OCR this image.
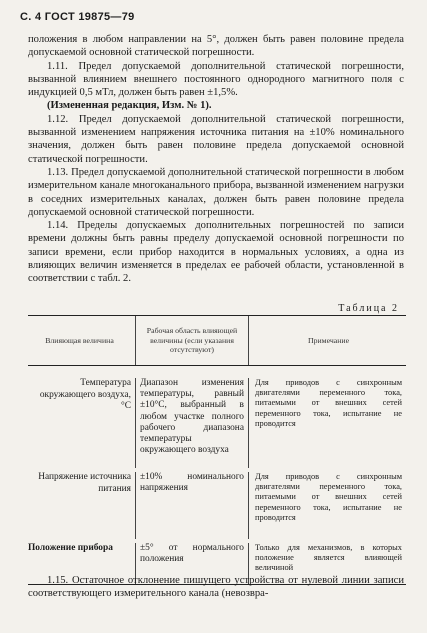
С. 4 ГОСТ 19875—79

положения в любом направлении на 5°, должен быть равен половине предела допускаемой основной статической погрешности.

1.11. Предел допускаемой дополнительной статической погрешности, вызванной влиянием внешнего постоянного однородного магнитного поля с индукцией 0,5 мТл, должен быть равен ±1,5%.

(Измененная редакция, Изм. № 1).

1.12. Предел допускаемой дополнительной статической погрешности, вызванной изменением напряжения источника питания на ±10% номинального значения, должен быть равен половине предела допускаемой основной статической погрешности.

1.13. Предел допускаемой дополнительной статической погрешности в любом измерительном канале многоканального прибора, вызванной изменением нагрузки в соседних измерительных каналах, должен быть равен половине предела допускаемой основной статической погрешности.

1.14. Пределы допускаемых дополнительных погрешностей по записи времени должны быть равны пределу допускаемой основной погрешности по записи времени, если прибор находится в нормальных условиях, а одна из влияющих величин изменяется в пределах ее рабочей области, установленной в соответствии с табл. 2.

Таблица 2
Влияющая величина
Рабочая область влияющей величины (если указания отсутствуют)
Примечание
Температура окружающего воздуха, °С
Диапазон изменения температуры, равный ±10°С, выбранный в любом участке полного рабочего диапазона температуры окружающего воздуха
Для приводов с синхронным двигателями переменного тока, питаемыми от внешних сетей переменного тока, испытание не проводится
Напряжение источника питания
±10% номинального напряжения
Для приводов с синхронным двигателями переменного тока, питаемыми от внешних сетей переменного тока, испытание не проводится
Положение прибора	±5° от нормального положения
Только для механизмов, в которых положение является влияющей величиной

1.15. Остаточное отклонение пишущего устройства от нулевой линии записи соответствующего измерительного канала (невозвра-
